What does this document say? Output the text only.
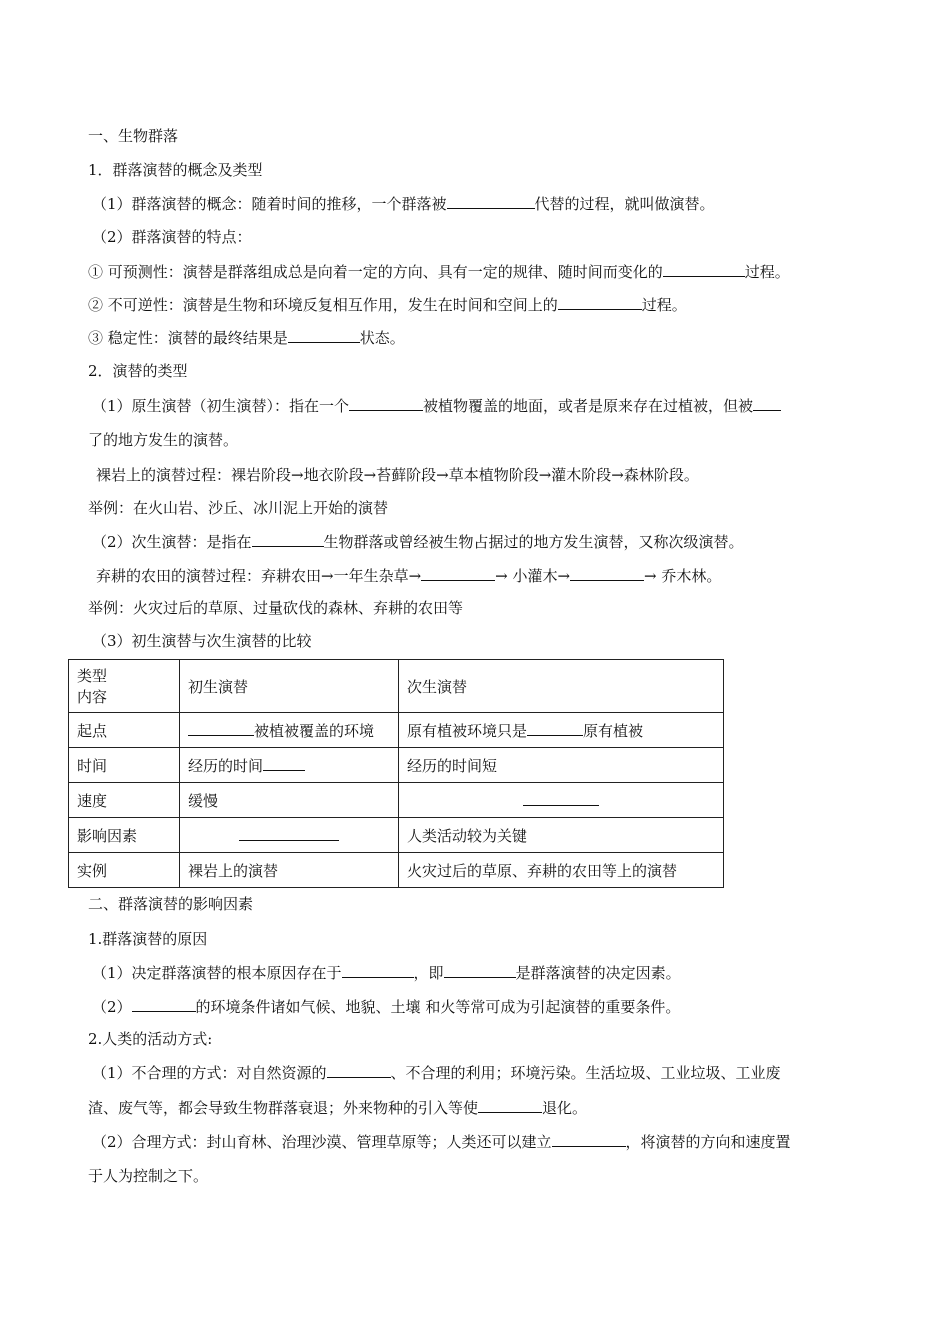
一、生物群落
1．群落演替的概念及类型
（1）群落演替的概念：随着时间的推移，一个群落被	代替的过程，就叫做演替。
（2）群落演替的特点：
① 可预测性：演替是群落组成总是向着一定的方向、具有一定的规律、随时间而变化的	过程。
② 不可逆性：演替是生物和环境反复相互作用，发生在时间和空间上的	过程。
③ 稳定性：演替的最终结果是	状态。
2．演替的类型
（1）原生演替（初生演替）：指在一个	被植物覆盖的地面，或者是原来存在过植被，但被
了的地方发生的演替。
裸岩上的演替过程：裸岩阶段→地衣阶段→苔藓阶段→草本植物阶段→灌木阶段→森林阶段。
举例：在火山岩、沙丘、冰川泥上开始的演替
（2）次生演替：是指在	生物群落或曾经被生物占据过的地方发生演替，又称次级演替。
弃耕的农田的演替过程：弃耕农田→一年生杂草→	→ 小灌木→	→ 乔木林。
举例：火灾过后的草原、过量砍伐的森林、弃耕的农田等
（3）初生演替与次生演替的比较
类型
内容	初生演替	次生演替
起点	被植被覆盖的环境	原有植被环境只是 原有植被
时间	经历的时间	经历的时间短
速度	缓慢	
影响因素		人类活动较为关键
实例	裸岩上的演替	火灾过后的草原、弃耕的农田等上的演替
二、群落演替的影响因素
1.群落演替的原因
（1）决定群落演替的根本原因存在于	，即	是群落演替的决定因素。
（2）	的环境条件诸如气候、地貌、土壤 和火等常可成为引起演替的重要条件。
2.人类的活动方式:
（1）不合理的方式：对自然资源的	、不合理的利用；环境污染。生活垃圾、工业垃圾、工业废
渣、废气等，都会导致生物群落衰退；外来物种的引入等使	退化。
（2）合理方式：封山育林、治理沙漠、管理草原等；人类还可以建立	，将演替的方向和速度置
于人为控制之下。
